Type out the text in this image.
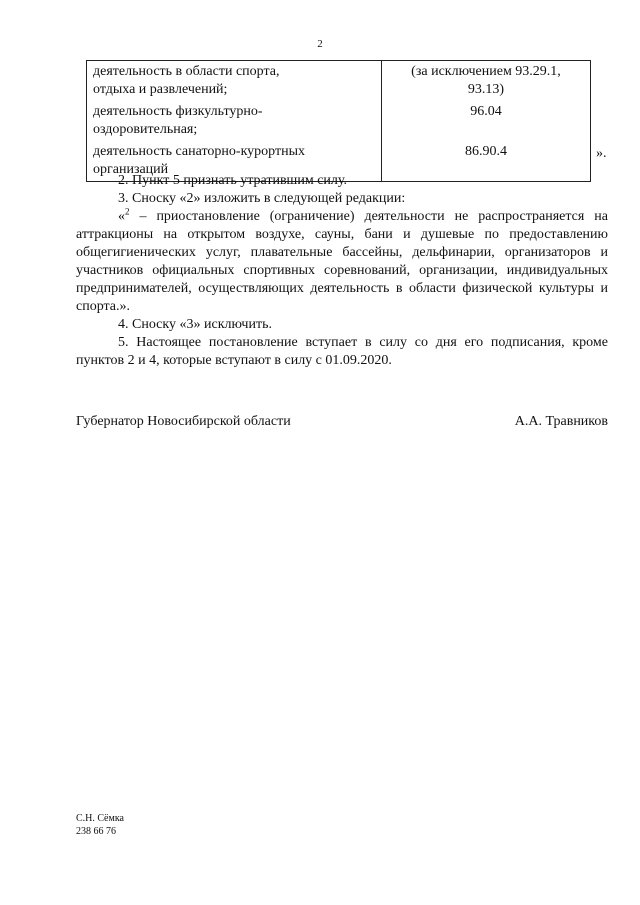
2
деятельность в области спорта,
отдыха и развлечений;	(за исключением 93.29.1,
93.13)

деятельность физкультурно-
оздоровительная;	96.04

деятельность санаторно-курортных
организаций	86.90.4	».

2. Пункт 5 признать утратившим силу.

3. Сноску «2» изложить в следующей редакции:

«$^2$ – приостановление (ограничение) деятельности не распространяется на аттракционы на открытом воздухе, сауны, бани и душевые по предоставлению общегигиенических услуг, плавательные бассейны, дельфинарии, организаторов и участников официальных спортивных соревнований, организации, индивидуальных предпринимателей, осуществляющих деятельность в области физической культуры и спорта.».

4. Сноску «3» исключить.

5. Настоящее постановление вступает в силу со дня его подписания, кроме пунктов 2 и 4, которые вступают в силу с 01.09.2020.

Губернатор Новосибирской области	А.А. Травников
С.Н. Сёмка
238 66 76
